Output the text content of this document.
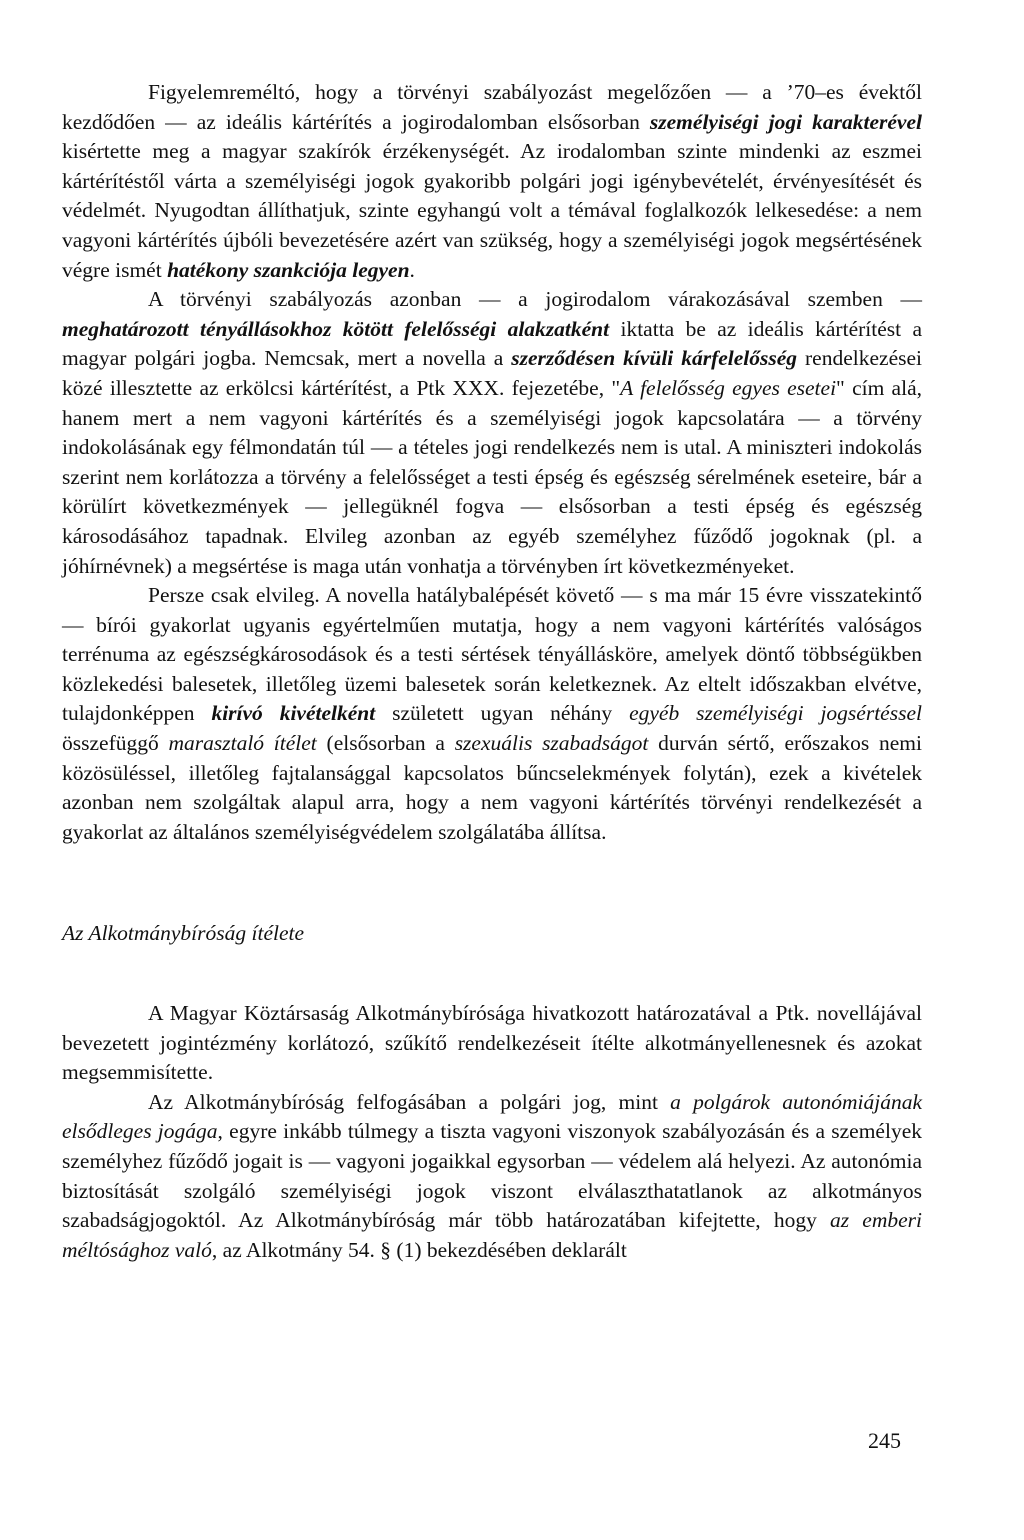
Figyelemreméltó, hogy a törvényi szabályozást megelőzően — a ’70–es évektől kezdődően — az ideális kártérítés a jogirodalomban elsősorban személyiségi jogi karakterével kisértette meg a magyar szakírók érzékenységét. Az irodalomban szinte mindenki az eszmei kártérítéstől várta a személyiségi jogok gyakoribb polgári jogi igénybevételét, érvényesítését és védelmét. Nyugodtan állíthatjuk, szinte egyhangú volt a témával foglalkozók lelkesedése: a nem vagyoni kártérítés újbóli bevezetésére azért van szükség, hogy a személyiségi jogok megsértésének végre ismét hatékony szankciója legyen.

A törvényi szabályozás azonban — a jogirodalom várakozásával szemben — meghatározott tényállásokhoz kötött felelősségi alakzatként iktatta be az ideális kártérítést a magyar polgári jogba. Nemcsak, mert a novella a szerződésen kívüli kárfelelősség rendelkezései közé illesztette az erkölcsi kártérítést, a Ptk XXX. fejezetébe, "A felelősség egyes esetei" cím alá, hanem mert a nem vagyoni kártérítés és a személyiségi jogok kapcsolatára — a törvény indokolásának egy félmondatán túl — a tételes jogi rendelkezés nem is utal. A miniszteri indokolás szerint nem korlátozza a törvény a felelősséget a testi épség és egészség sérelmének eseteire, bár a körülírt következmények — jellegüknél fogva — elsősorban a testi épség és egészség károsodásához tapadnak. Elvileg azonban az egyéb személyhez fűződő jogoknak (pl. a jóhírnévnek) a megsértése is maga után vonhatja a törvényben írt következményeket.

Persze csak elvileg. A novella hatálybalépését követő — s ma már 15 évre visszatekintő — bírói gyakorlat ugyanis egyértelműen mutatja, hogy a nem vagyoni kártérítés valóságos terrénuma az egészségkárosodások és a testi sértések tényállásköre, amelyek döntő többségükben közlekedési balesetek, illetőleg üzemi balesetek során keletkeznek. Az eltelt időszakban elvétve, tulajdonképpen kirívó kivételként született ugyan néhány egyéb személyiségi jogsértéssel összefüggő marasztaló ítélet (elsősorban a szexuális szabadságot durván sértő, erőszakos nemi közösüléssel, illetőleg fajtalansággal kapcsolatos bűncselekmények folytán), ezek a kivételek azonban nem szolgáltak alapul arra, hogy a nem vagyoni kártérítés törvényi rendelkezését a gyakorlat az általános személyiségvédelem szolgálatába állítsa.

Az Alkotmánybíróság ítélete

A Magyar Köztársaság Alkotmánybírósága hivatkozott határozatával a Ptk. novellájával bevezetett jogintézmény korlátozó, szűkítő rendelkezéseit ítélte alkotmányellenesnek és azokat megsemmisítette.

Az Alkotmánybíróság felfogásában a polgári jog, mint a polgárok autonómiájának elsődleges jogága, egyre inkább túlmegy a tiszta vagyoni viszonyok szabályozásán és a személyek személyhez fűződő jogait is — vagyoni jogaikkal egysorban — védelem alá helyezi. Az autonómia biztosítását szolgáló személyiségi jogok viszont elválaszthatatlanok az alkotmányos szabadságjogoktól. Az Alkotmánybíróság már több határozatában kifejtette, hogy az emberi méltósághoz való, az Alkotmány 54. § (1) bekezdésében deklarált

245
